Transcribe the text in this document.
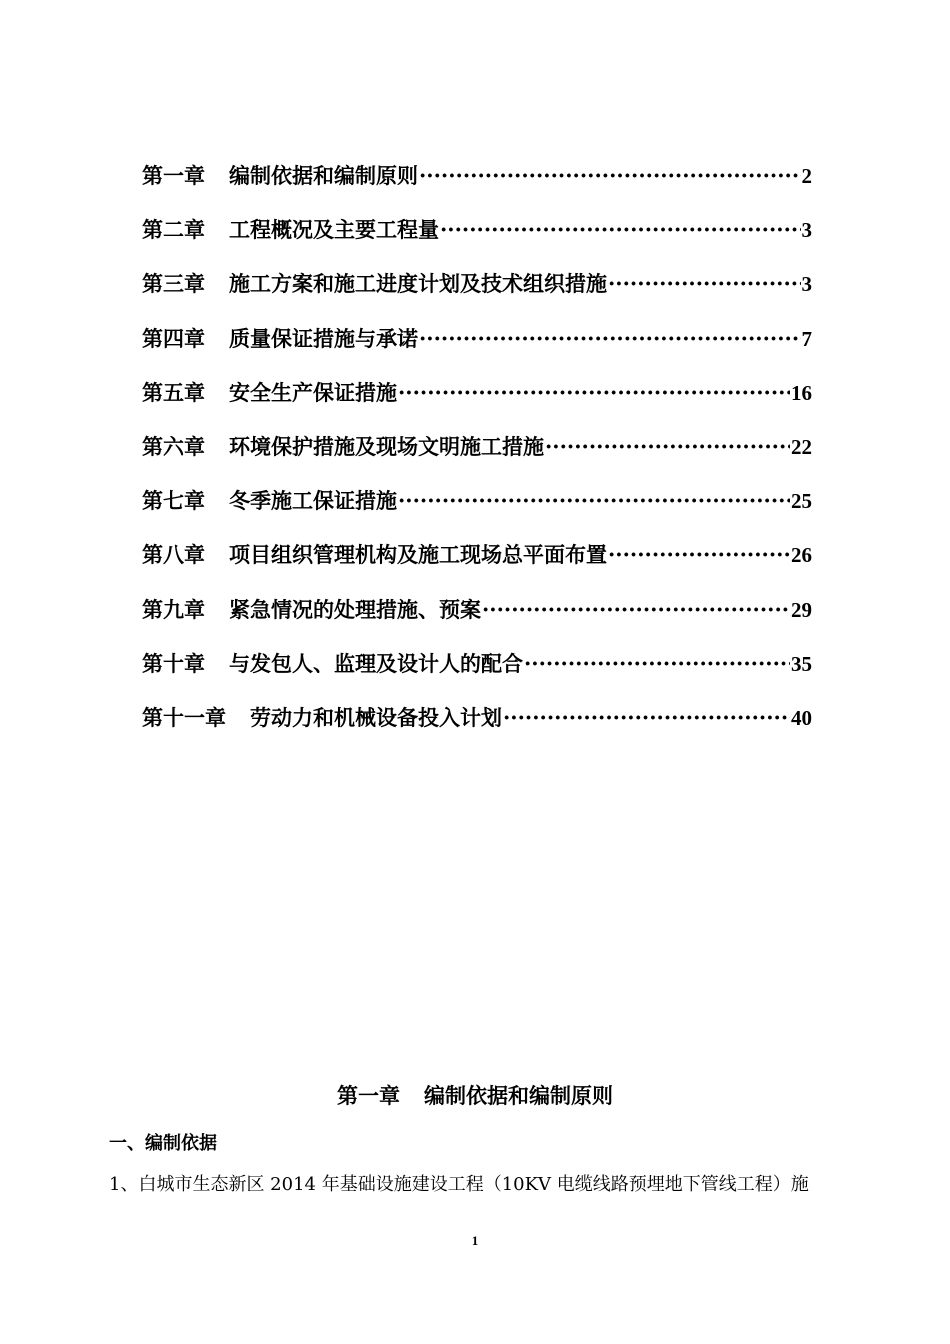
第一章	编制依据和编制原则 ·····	2
第二章	工程概况及主要工程量 ·····	3
第三章	施工方案和施工进度计划及技术组织措施 ·····	3
第四章	质量保证措施与承诺 ·····	7
第五章	安全生产保证措施 ·····	16
第六章	环境保护措施及现场文明施工措施 ·····	22
第七章	冬季施工保证措施 ·····	25
第八章	项目组织管理机构及施工现场总平面布置 ·····	26
第九章	紧急情况的处理措施、预案 ·····	29
第十章	与发包人、监理及设计人的配合 ·····	35
第十一章	劳动力和机械设备投入计划 ·····	40
第一章 编制依据和编制原则
一、编制依据
1、白城市生态新区 2014 年基础设施建设工程（10KV 电缆线路预埋地下管线工程）施
1
